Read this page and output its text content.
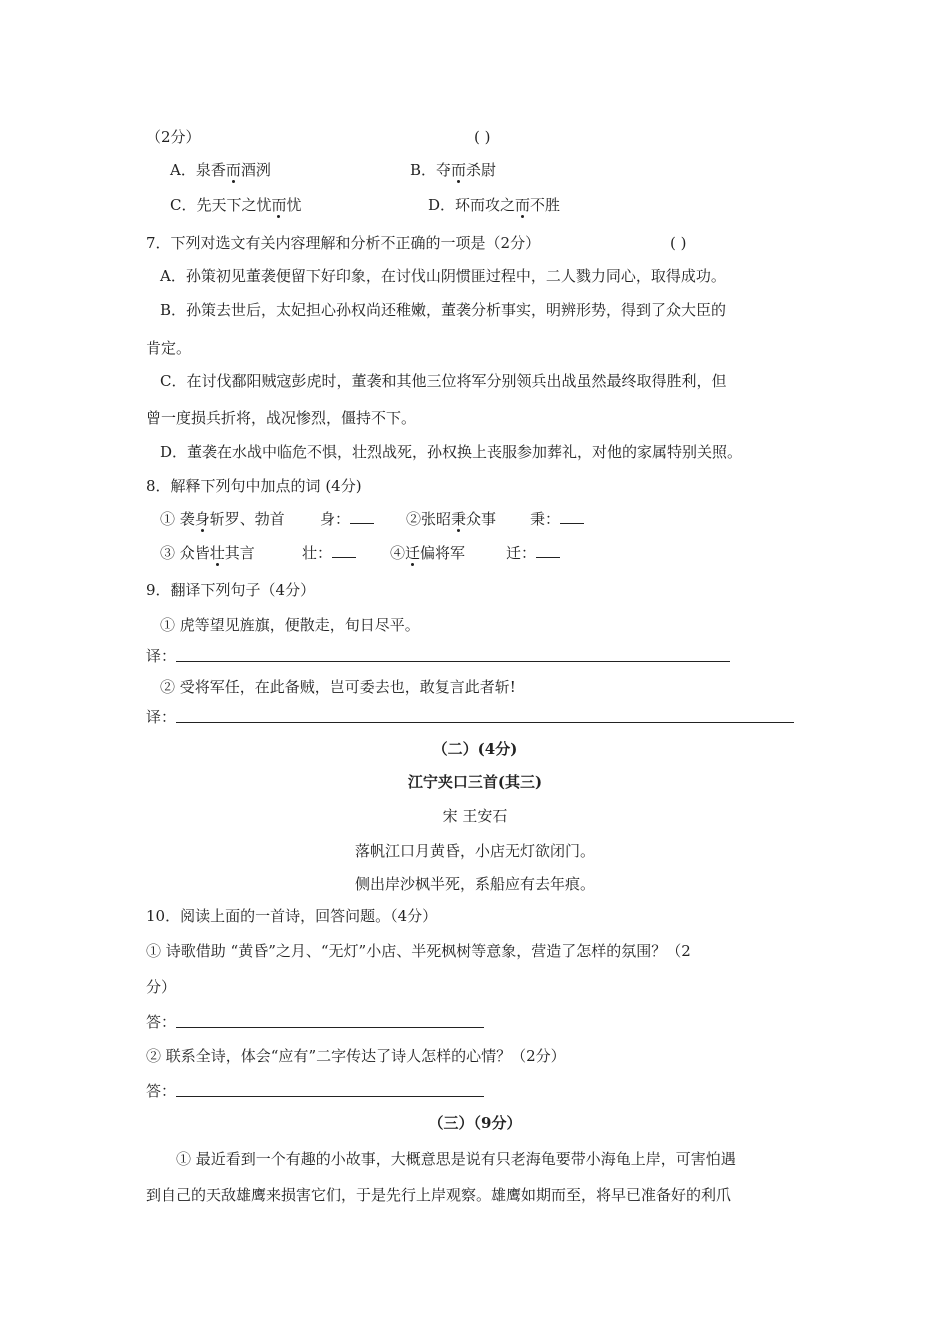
（2分）	( )
A．泉香而酒洌	B．夺而杀尉
C．先天下之忧而忧	D．环而攻之而不胜
7．下列对选文有关内容理解和分析不正确的一项是（2分）	( )
A．孙策初见董袭便留下好印象，在讨伐山阴惯匪过程中，二人戮力同心，取得成功。
B．孙策去世后，太妃担心孙权尚还稚嫩，董袭分析事实，明辨形势，得到了众大臣的
肯定。
C．在讨伐鄱阳贼寇彭虎时，董袭和其他三位将军分别领兵出战虽然最终取得胜利，但
曾一度损兵折将，战况惨烈，僵持不下。
D．董袭在水战中临危不惧，壮烈战死，孙权换上丧服参加葬礼，对他的家属特别关照。
8．解释下列句中加点的词 (4分)
① 袭身斩罗、勃首 身：	②张昭秉众事 秉：
③ 众皆壮其言	壮：	④迁偏将军	迁：
9．翻译下列句子（4分）
① 虎等望见旌旗，便散走，旬日尽平。
译：
② 受将军任，在此备贼，岂可委去也，敢复言此者斩!
译：
（二）(4分)
江宁夹口三首(其三)
宋 王安石
落帆江口月黄昏，小店无灯欲闭门。
侧出岸沙枫半死，系船应有去年痕。
10．阅读上面的一首诗，回答问题。（4分）
① 诗歌借助 “黄昏”之月、“无灯”小店、半死枫树等意象，营造了怎样的氛围？（2
分）
答：
② 联系全诗，体会“应有”二字传达了诗人怎样的心情？（2分）
答：
（三）（9分）
① 最近看到一个有趣的小故事，大概意思是说有只老海龟要带小海龟上岸，可害怕遇
到自己的天敌雄鹰来损害它们，于是先行上岸观察。雄鹰如期而至，将早已准备好的利爪
